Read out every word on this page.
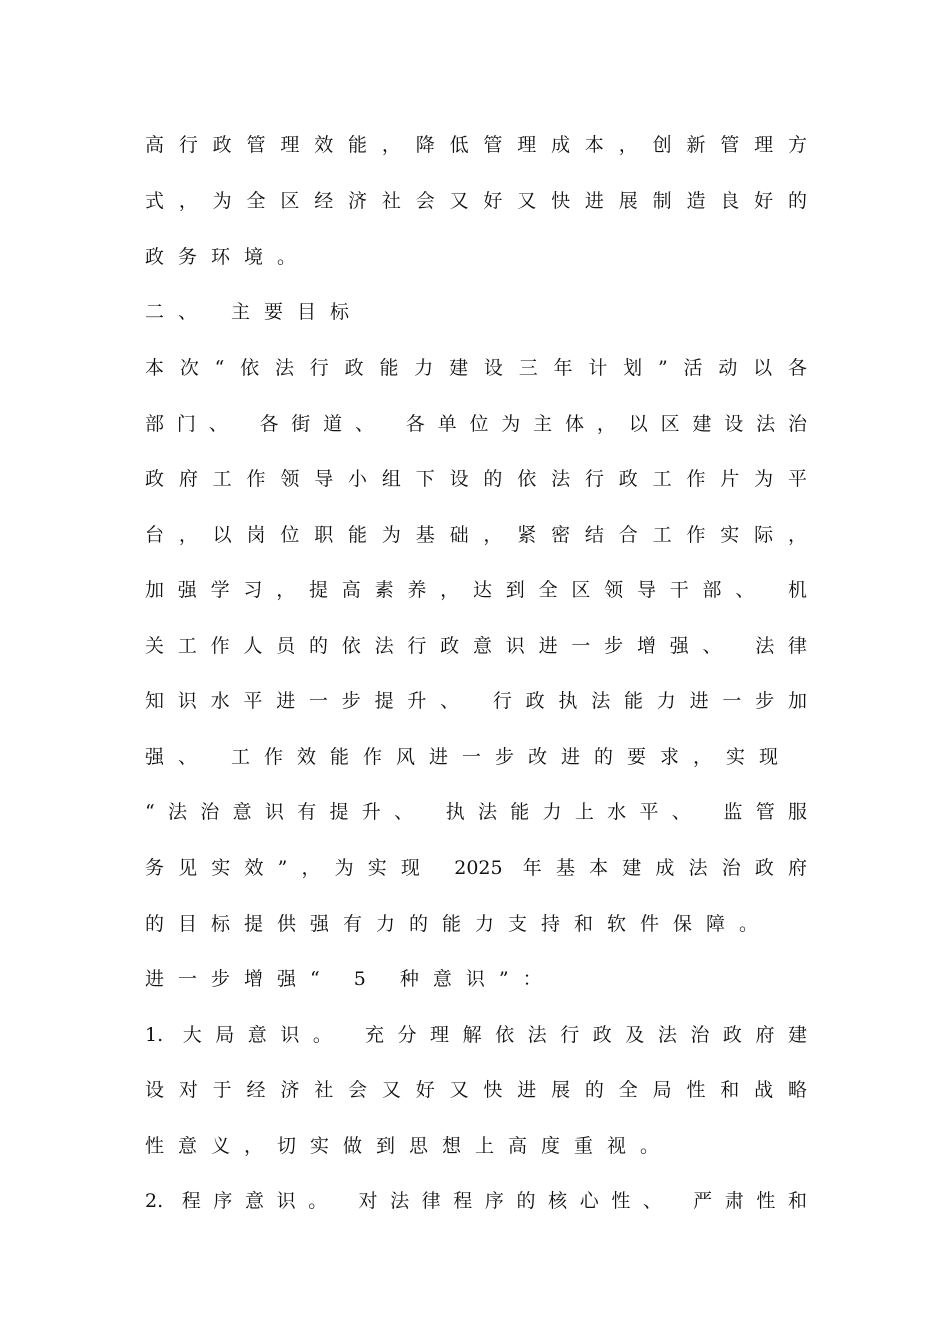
高行政管理效能，降低管理成本，创新管理方
式，为全区经济社会又好又快进展制造良好的
政务环境。
二、 主要目标
本次“依法行政能力建设三年计划”活动以各
部门、 各街道、 各单位为主体，以区建设法治
政府工作领导小组下设的依法行政工作片为平
台，以岗位职能为基础，紧密结合工作实际，
加强学习，提高素养，达到全区领导干部、 机
关工作人员的依法行政意识进一步增强、 法律
知识水平进一步提升、 行政执法能力进一步加
强、 工作效能作风进一步改进的要求，实现
“法治意识有提升、 执法能力上水平、 监管服
务见实效”，为实现 2025 年基本建成法治政府
的目标提供强有力的能力支持和软件保障。
进一步增强“ 5 种意识”：
1. 大局意识。 充分理解依法行政及法治政府建
设对于经济社会又好又快进展的全局性和战略
性意义，切实做到思想上高度重视。
2. 程序意识。 对法律程序的核心性、 严肃性和
